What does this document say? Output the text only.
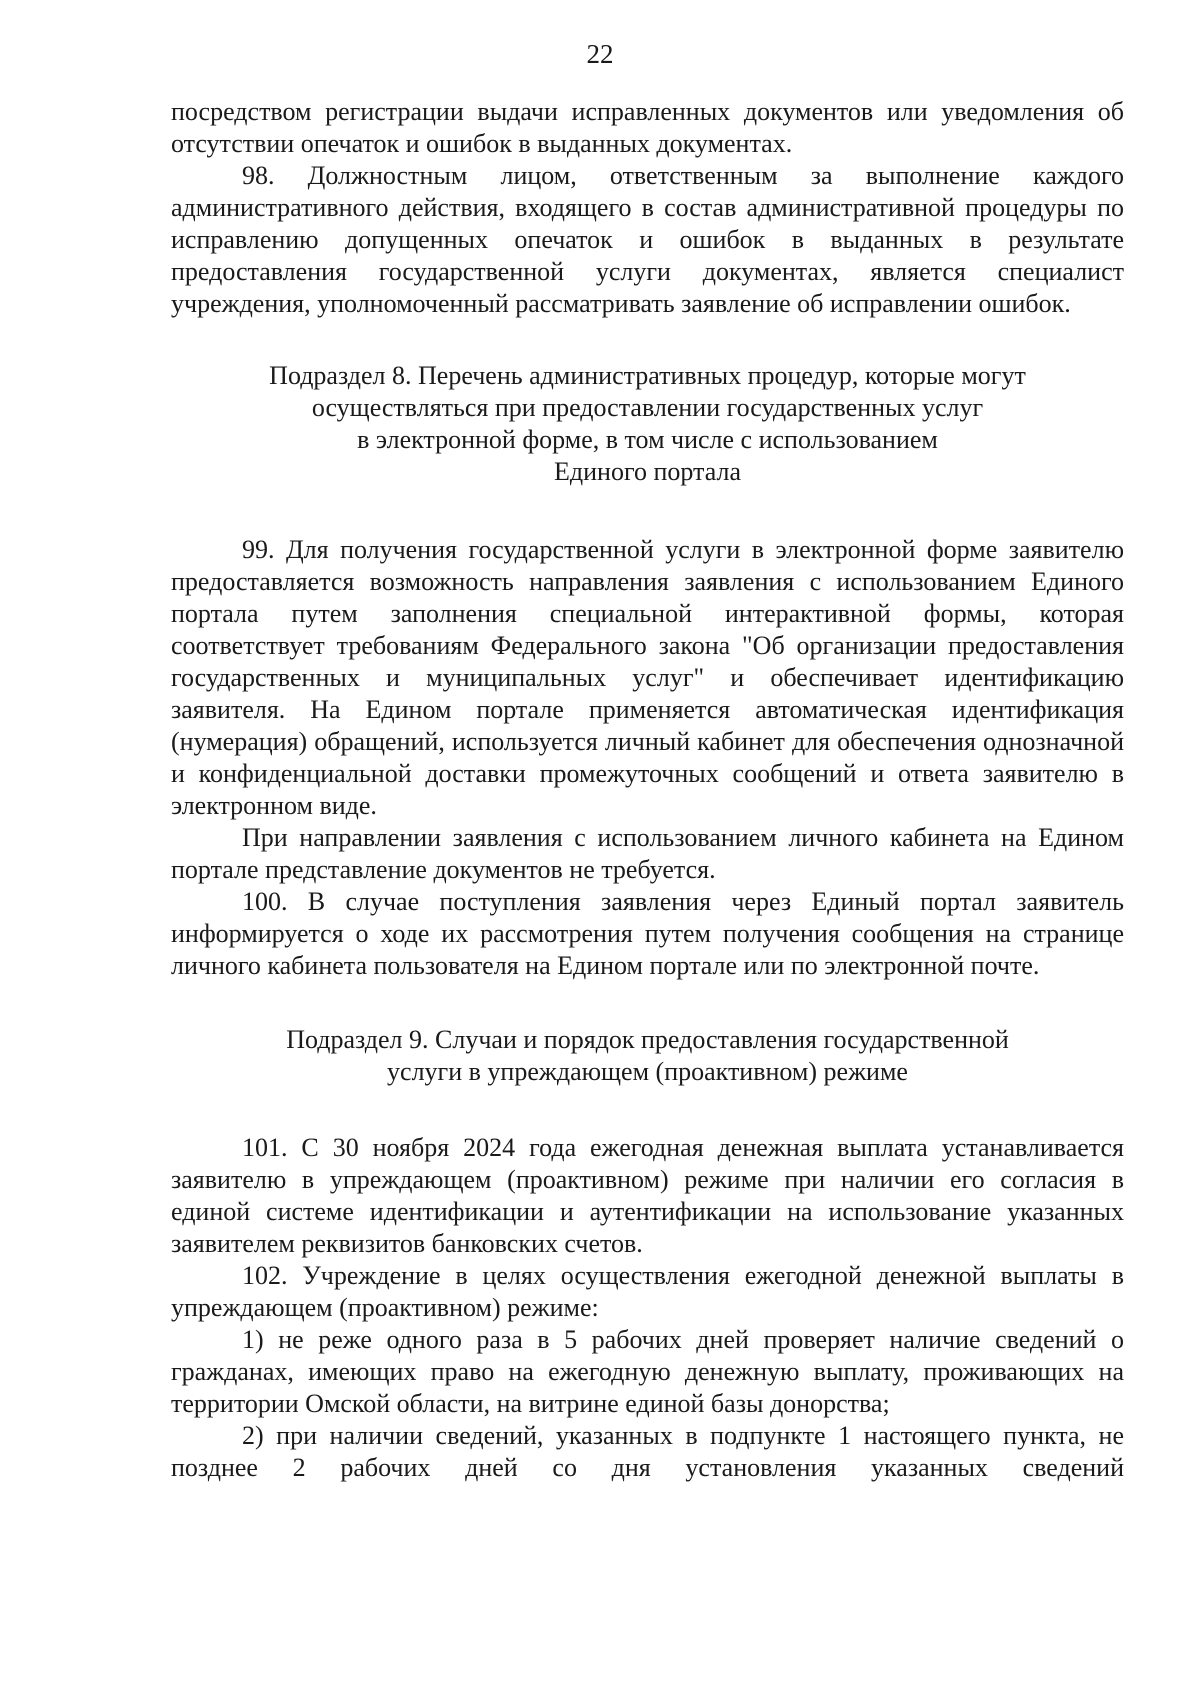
22

посредством регистрации выдачи исправленных документов или уведомления об отсутствии опечаток и ошибок в выданных документах.

98. Должностным лицом, ответственным за выполнение каждого административного действия, входящего в состав административной процедуры по исправлению допущенных опечаток и ошибок в выданных в результате предоставления государственной услуги документах, является специалист учреждения, уполномоченный рассматривать заявление об исправлении ошибок.

Подраздел 8. Перечень административных процедур, которые могут
осуществляться при предоставлении государственных услуг
в электронной форме, в том числе с использованием
Единого портала

99. Для получения государственной услуги в электронной форме заявителю предоставляется возможность направления заявления с использованием Единого портала путем заполнения специальной интерактивной формы, которая соответствует требованиям Федерального закона "Об организации предоставления государственных и муниципальных услуг" и обеспечивает идентификацию заявителя. На Едином портале применяется автоматическая идентификация (нумерация) обращений, используется личный кабинет для обеспечения однозначной и конфиденциальной доставки промежуточных сообщений и ответа заявителю в электронном виде.

При направлении заявления с использованием личного кабинета на Едином портале представление документов не требуется.

100. В случае поступления заявления через Единый портал заявитель информируется о ходе их рассмотрения путем получения сообщения на странице личного кабинета пользователя на Едином портале или по электронной почте.

Подраздел 9. Случаи и порядок предоставления государственной
услуги в упреждающем (проактивном) режиме

101. С 30 ноября 2024 года ежегодная денежная выплата устанавливается заявителю в упреждающем (проактивном) режиме при наличии его согласия в единой системе идентификации и аутентификации на использование указанных заявителем реквизитов банковских счетов.

102. Учреждение в целях осуществления ежегодной денежной выплаты в упреждающем (проактивном) режиме:

1) не реже одного раза в 5 рабочих дней проверяет наличие сведений о гражданах, имеющих право на ежегодную денежную выплату, проживающих на территории Омской области, на витрине единой базы донорства;

2) при наличии сведений, указанных в подпункте 1 настоящего пункта, не позднее 2 рабочих дней со дня установления указанных сведений
